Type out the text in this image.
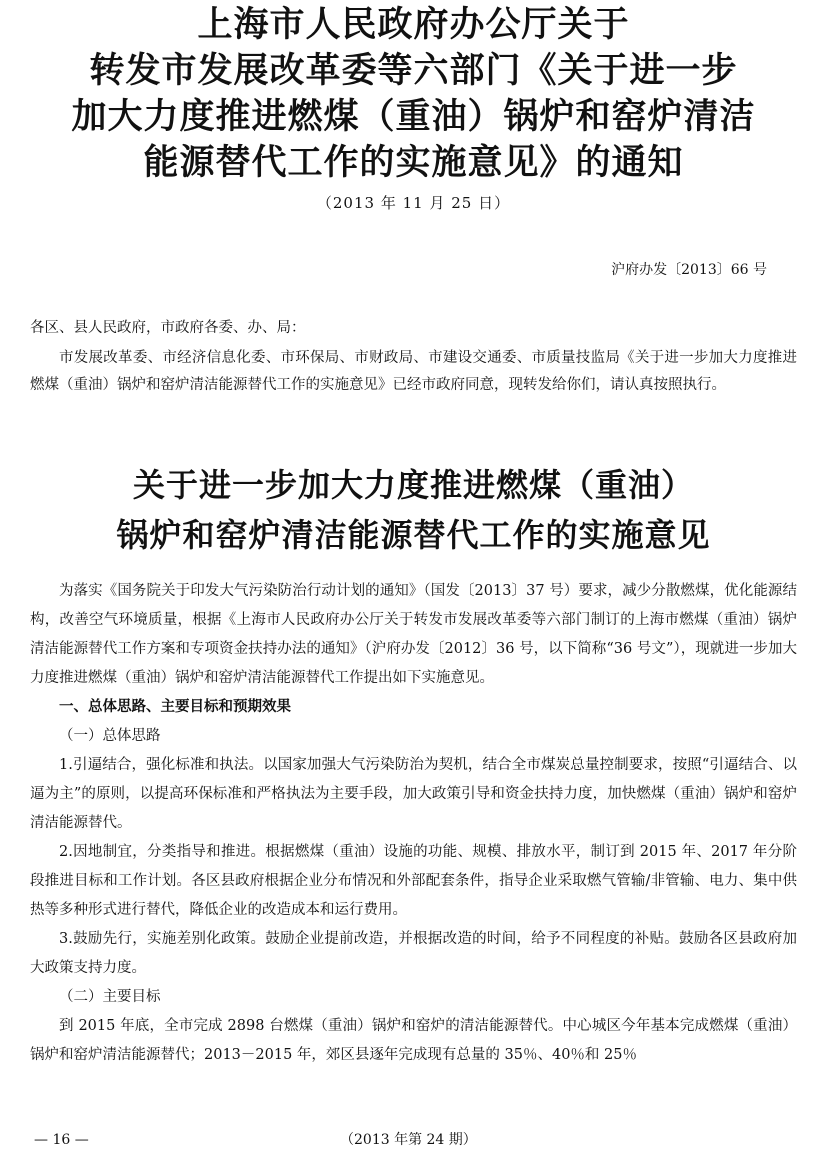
上海市人民政府办公厅关于
转发市发展改革委等六部门《关于进一步
加大力度推进燃煤（重油）锅炉和窑炉清洁
能源替代工作的实施意见》的通知
（2013 年 11 月 25 日）
沪府办发〔2013〕66 号
各区、县人民政府，市政府各委、办、局：
市发展改革委、市经济信息化委、市环保局、市财政局、市建设交通委、市质量技监局《关于进一步加大力度推进燃煤（重油）锅炉和窑炉清洁能源替代工作的实施意见》已经市政府同意，现转发给你们，请认真按照执行。
关于进一步加大力度推进燃煤（重油）
锅炉和窑炉清洁能源替代工作的实施意见

为落实《国务院关于印发大气污染防治行动计划的通知》（国发〔2013〕37 号）要求，减少分散燃煤，优化能源结构，改善空气环境质量，根据《上海市人民政府办公厅关于转发市发展改革委等六部门制订的上海市燃煤（重油）锅炉清洁能源替代工作方案和专项资金扶持办法的通知》（沪府办发〔2012〕36 号，以下简称“36 号文”），现就进一步加大力度推进燃煤（重油）锅炉和窑炉清洁能源替代工作提出如下实施意见。

一、总体思路、主要目标和预期效果

（一）总体思路

1.引逼结合，强化标准和执法。以国家加强大气污染防治为契机，结合全市煤炭总量控制要求，按照“引逼结合、以逼为主”的原则，以提高环保标准和严格执法为主要手段，加大政策引导和资金扶持力度，加快燃煤（重油）锅炉和窑炉清洁能源替代。

2.因地制宜，分类指导和推进。根据燃煤（重油）设施的功能、规模、排放水平，制订到 2015 年、2017 年分阶段推进目标和工作计划。各区县政府根据企业分布情况和外部配套条件，指导企业采取燃气管输/非管输、电力、集中供热等多种形式进行替代，降低企业的改造成本和运行费用。

3.鼓励先行，实施差别化政策。鼓励企业提前改造，并根据改造的时间，给予不同程度的补贴。鼓励各区县政府加大政策支持力度。

（二）主要目标

到 2015 年底，全市完成 2898 台燃煤（重油）锅炉和窑炉的清洁能源替代。中心城区今年基本完成燃煤（重油）锅炉和窑炉清洁能源替代；2013－2015 年，郊区县逐年完成现有总量的 35％、40％和 25％

— 16 —	（2013 年第 24 期）
